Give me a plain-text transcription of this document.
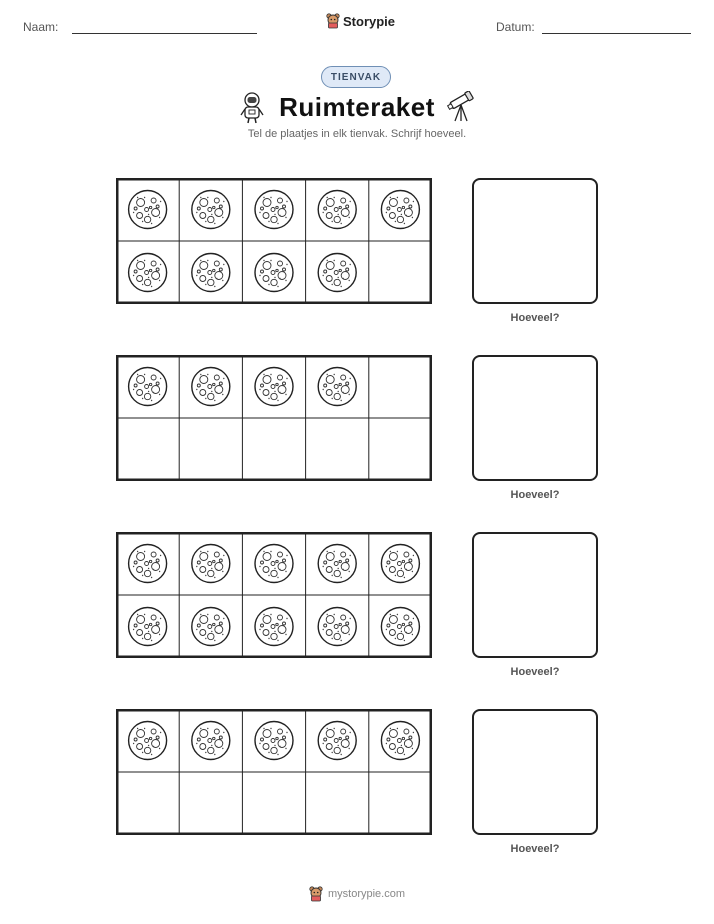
Naam:	Storypie	Datum:
TIENVAK
Ruimteraket
Tel de plaatjes in elk tienvak. Schrijf hoeveel.
Hoeveel?
Hoeveel?
Hoeveel?
Hoeveel?
mystorypie.com
